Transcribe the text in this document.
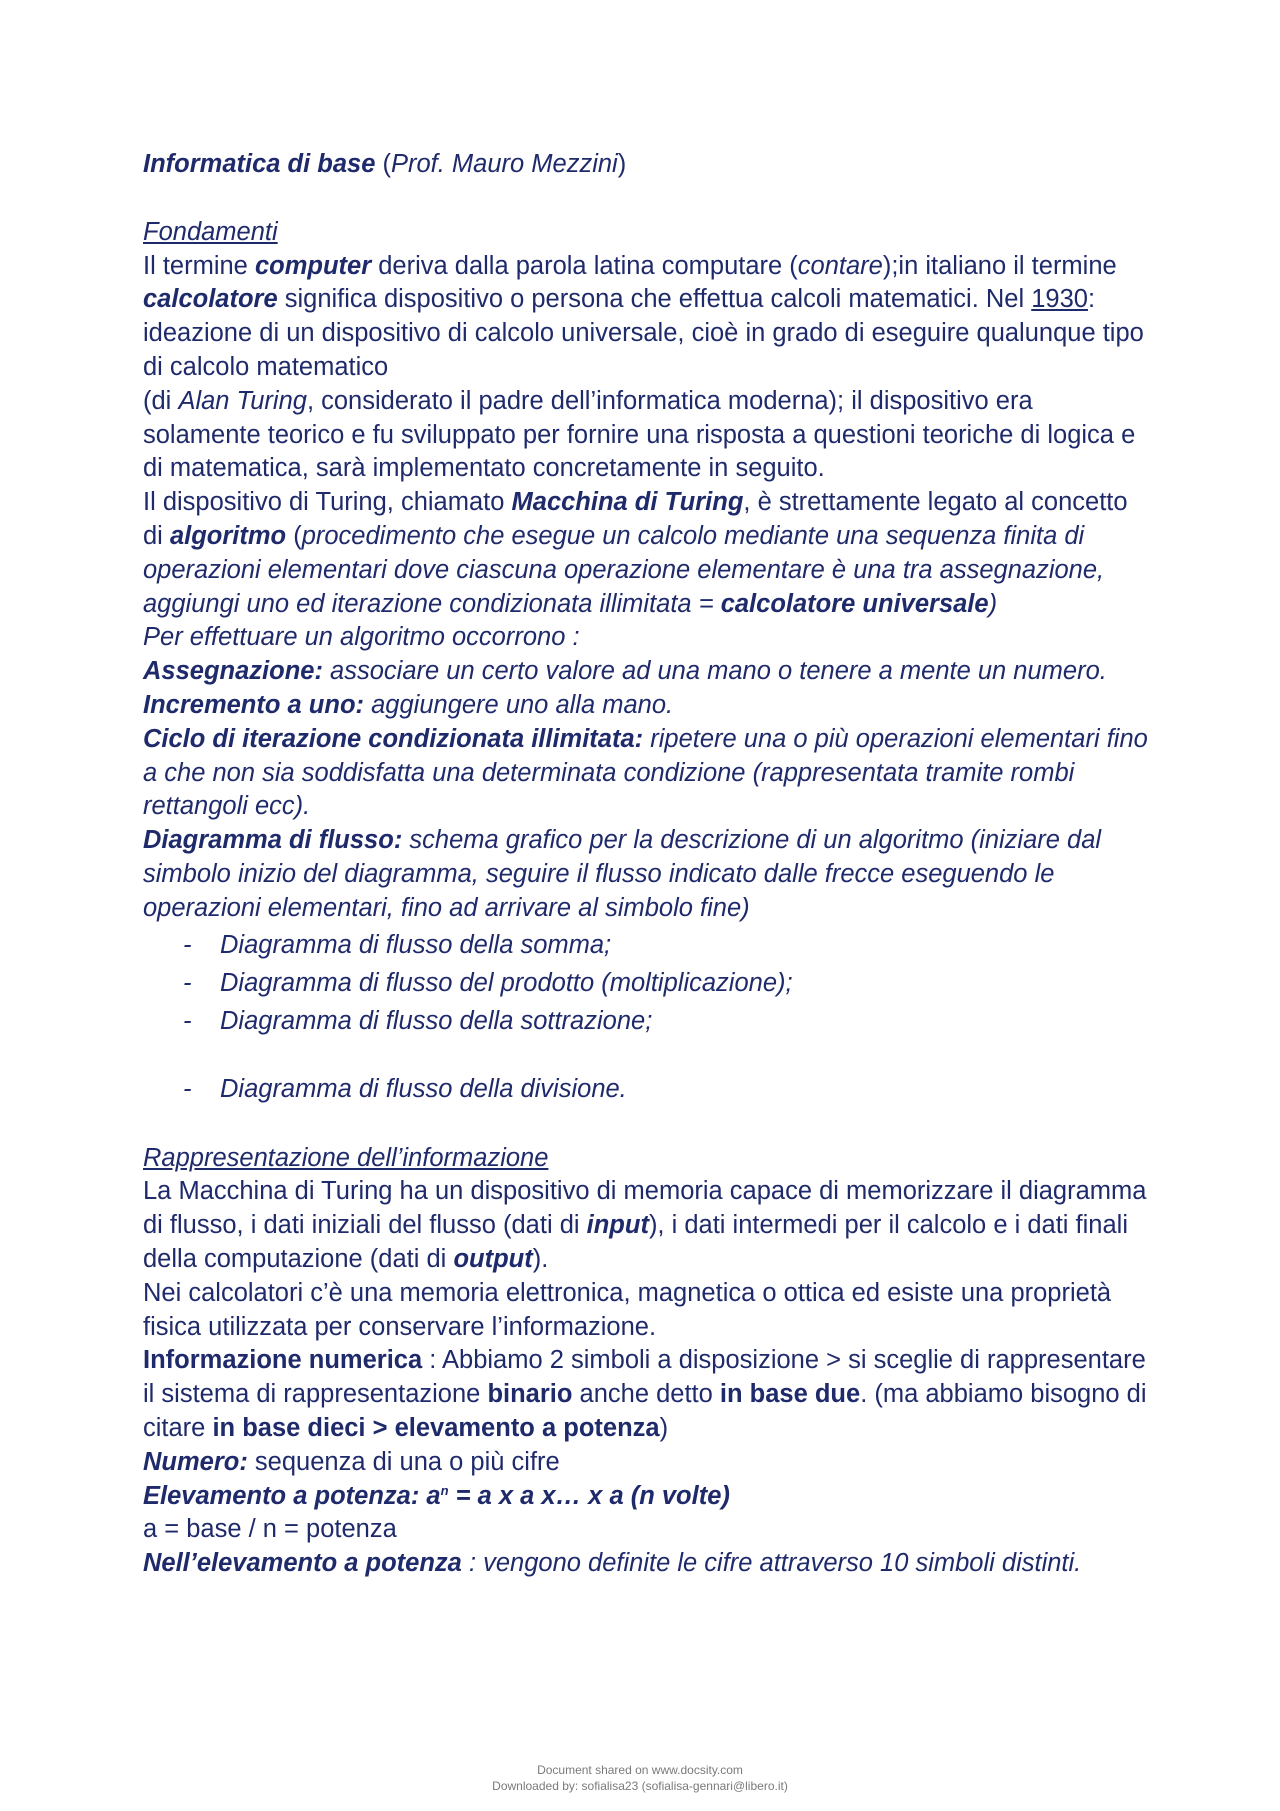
Informatica di base (Prof. Mauro Mezzini)

Fondamenti

Il termine computer deriva dalla parola latina computare (contare);in italiano il termine calcolatore significa dispositivo o persona che effettua calcoli matematici. Nel 1930: ideazione di un dispositivo di calcolo universale, cioè in grado di eseguire qualunque tipo di calcolo matematico

(di Alan Turing, considerato il padre dell’informatica moderna); il dispositivo era solamente teorico e fu sviluppato per fornire una risposta a questioni teoriche di logica e di matematica, sarà implementato concretamente in seguito.

Il dispositivo di Turing, chiamato Macchina di Turing, è strettamente legato al concetto di algoritmo (procedimento che esegue un calcolo mediante una sequenza finita di operazioni elementari dove ciascuna operazione elementare è una tra assegnazione, aggiungi uno ed iterazione condizionata illimitata = calcolatore universale)

Per effettuare un algoritmo occorrono :

Assegnazione: associare un certo valore ad una mano o tenere a mente un numero.

Incremento a uno: aggiungere uno alla mano.

Ciclo di iterazione condizionata illimitata: ripetere una o più operazioni elementari fino a che non sia soddisfatta una determinata condizione (rappresentata tramite rombi rettangoli ecc).

Diagramma di flusso: schema grafico per la descrizione di un algoritmo (iniziare dal simbolo inizio del diagramma, seguire il flusso indicato dalle frecce eseguendo le operazioni elementari, fino ad arrivare al simbolo fine)

- Diagramma di flusso della somma;
- Diagramma di flusso del prodotto (moltiplicazione);
- Diagramma di flusso della sottrazione;
- Diagramma di flusso della divisione.

Rappresentazione dell’informazione

La Macchina di Turing ha un dispositivo di memoria capace di memorizzare il diagramma di flusso, i dati iniziali del flusso (dati di input), i dati intermedi per il calcolo e i dati finali della computazione (dati di output).

Nei calcolatori c’è una memoria elettronica, magnetica o ottica ed esiste una proprietà fisica utilizzata per conservare l’informazione.

Informazione numerica : Abbiamo 2 simboli a disposizione > si sceglie di rappresentare il sistema di rappresentazione binario anche detto in base due. (ma abbiamo bisogno di citare in base dieci > elevamento a potenza)

Numero: sequenza di una o più cifre

Elevamento a potenza: $a^n = a$ x a x… x a (n volte)

a = base / n = potenza

Nell’elevamento a potenza : vengono definite le cifre attraverso 10 simboli distinti.

Document shared on www.docsity.com
Downloaded by: sofialisa23 (sofialisa-gennari@libero.it)
